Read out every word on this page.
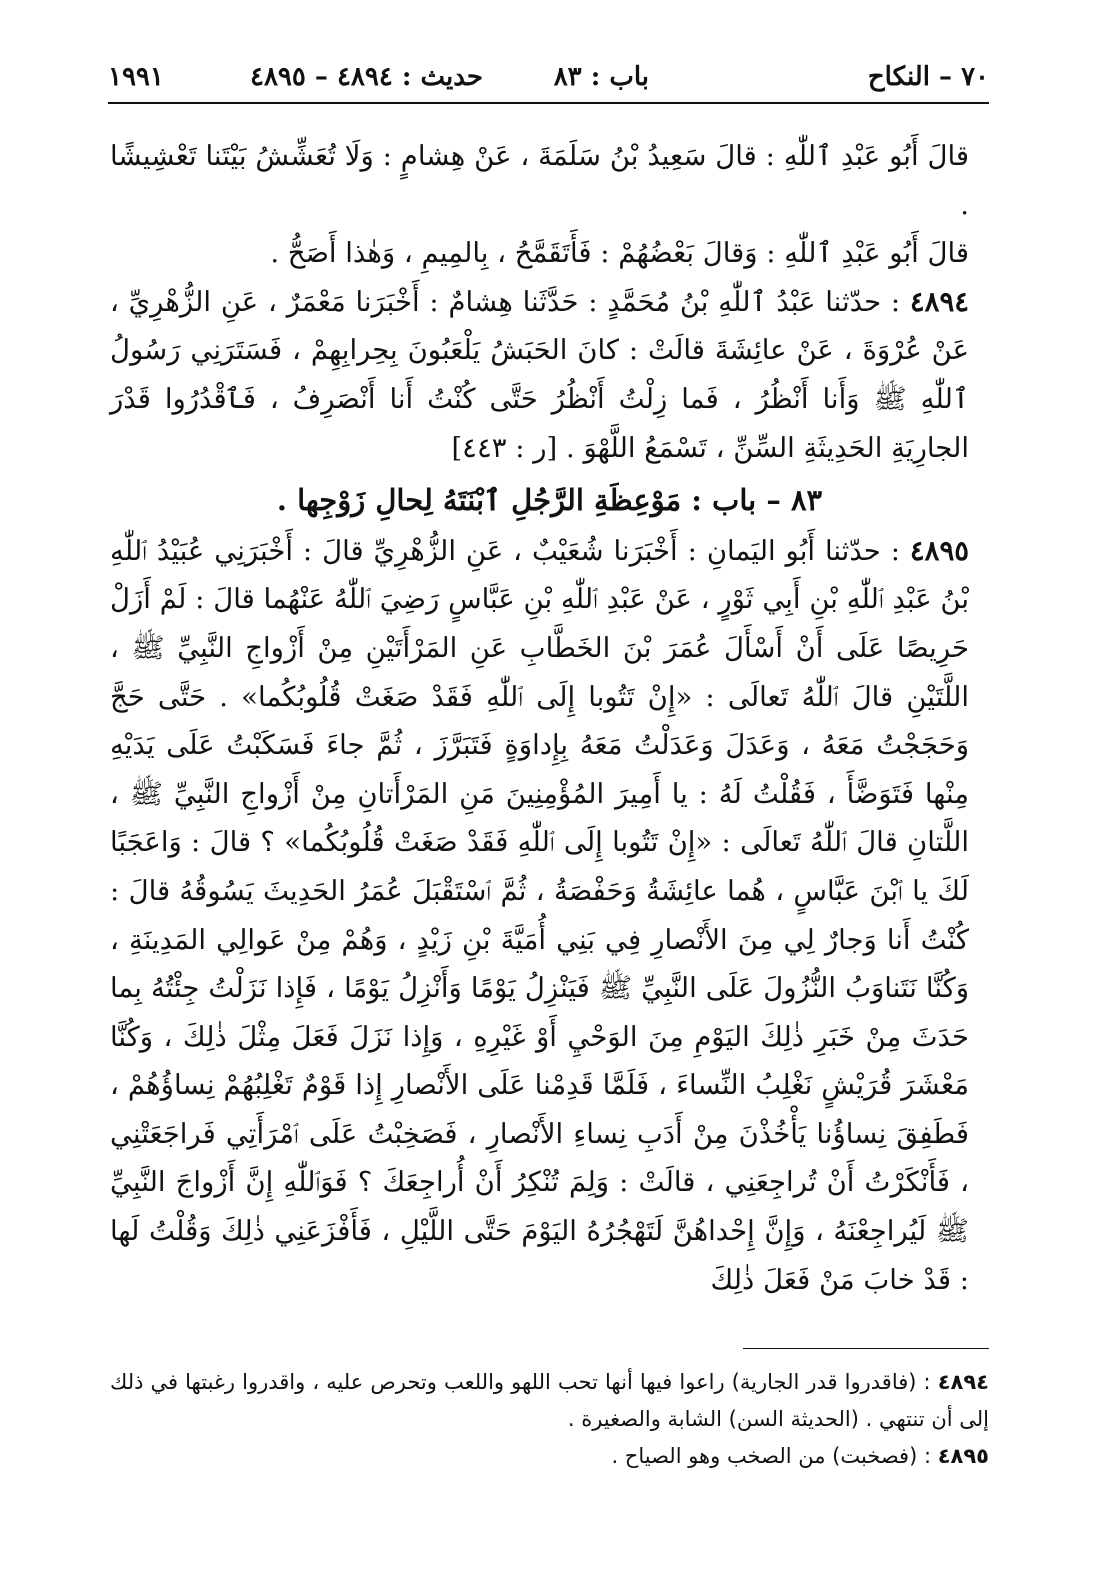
٧٠ – النكاح
باب : ٨٣
حديث : ٤٨٩٤ – ٤٨٩٥
١٩٩١

قالَ أَبُو عَبْدِ ٱللّٰهِ : قالَ سَعِيدُ بْنُ سَلَمَةَ ، عَنْ هِشامٍ : وَلَا تُعَشِّشُ بَيْتَنا تَعْشِيشًا .

قالَ أَبُو عَبْدِ ٱللّٰهِ : وَقالَ بَعْضُهُمْ : فَأَتَقَمَّحُ ، بِالمِيمِ ، وَهٰذا أَصَحُّ .

٤٨٩٤ : حدّثنا عَبْدُ ٱللّٰهِ بْنُ مُحَمَّدٍ : حَدَّثَنا هِشامٌ : أَخْبَرَنا مَعْمَرٌ ، عَنِ الزُّهْرِيِّ ، عَنْ عُرْوَةَ ، عَنْ عائِشَةَ قالَتْ : كانَ الحَبَشُ يَلْعَبُونَ بِحِرابِهِمْ ، فَسَتَرَنِي رَسُولُ ٱللّٰهِ ﷺ وَأَنا أَنْظُرُ ، فَما زِلْتُ أَنْظُرُ حَتَّى كُنْتُ أَنا أَنْصَرِفُ ، فَٱقْدُرُوا قَدْرَ الجارِيَةِ الحَدِيثَةِ السِّنِّ ، تَسْمَعُ اللَّهْوَ . [ر : ٤٤٣]

٨٣ – باب : مَوْعِظَةِ الرَّجُلِ ٱبْنَتَهُ لِحالِ زَوْجِها .

٤٨٩٥ : حدّثنا أَبُو اليَمانِ : أَخْبَرَنا شُعَيْبٌ ، عَنِ الزُّهْرِيِّ قالَ : أَخْبَرَنِي عُبَيْدُ ٱللّٰهِ بْنُ عَبْدِ ٱللّٰهِ بْنِ أَبِي ثَوْرٍ ، عَنْ عَبْدِ ٱللّٰهِ بْنِ عَبَّاسٍ رَضِيَ ٱللّٰهُ عَنْهُما قالَ : لَمْ أَزَلْ حَرِيصًا عَلَى أَنْ أَسْأَلَ عُمَرَ بْنَ الخَطَّابِ عَنِ المَرْأَتَيْنِ مِنْ أَزْواجِ النَّبِيِّ ﷺ ، اللَّتَيْنِ قالَ ٱللّٰهُ تَعالَى : «إِنْ تَتُوبا إِلَى ٱللّٰهِ فَقَدْ صَغَتْ قُلُوبُكُما» . حَتَّى حَجَّ وَحَجَجْتُ مَعَهُ ، وَعَدَلَ وَعَدَلْتُ مَعَهُ بِإِداوَةٍ فَتَبَرَّزَ ، ثُمَّ جاءَ فَسَكَبْتُ عَلَى يَدَيْهِ مِنْها فَتَوَضَّأَ ، فَقُلْتُ لَهُ : يا أَمِيرَ المُؤْمِنِينَ مَنِ المَرْأَتانِ مِنْ أَزْواجِ النَّبِيِّ ﷺ ، اللَّتانِ قالَ ٱللّٰهُ تَعالَى : «إِنْ تَتُوبا إِلَى ٱللّٰهِ فَقَدْ صَغَتْ قُلُوبُكُما» ؟ قالَ : وَاعَجَبًا لَكَ يا ٱبْنَ عَبَّاسٍ ، هُما عائِشَةُ وَحَفْصَةُ ، ثُمَّ ٱسْتَقْبَلَ عُمَرُ الحَدِيثَ يَسُوقُهُ قالَ : كُنْتُ أَنا وَجارٌ لِي مِنَ الأَنْصارِ فِي بَنِي أُمَيَّةَ بْنِ زَيْدٍ ، وَهُمْ مِنْ عَوالِي المَدِينَةِ ، وَكُنَّا نَتَناوَبُ النُّزُولَ عَلَى النَّبِيِّ ﷺ فَيَنْزِلُ يَوْمًا وَأَنْزِلُ يَوْمًا ، فَإِذا نَزَلْتُ جِئْتُهُ بِما حَدَثَ مِنْ خَبَرِ ذٰلِكَ اليَوْمِ مِنَ الوَحْيِ أَوْ غَيْرِهِ ، وَإِذا نَزَلَ فَعَلَ مِثْلَ ذٰلِكَ ، وَكُنَّا مَعْشَرَ قُرَيْشٍ نَغْلِبُ النِّساءَ ، فَلَمَّا قَدِمْنا عَلَى الأَنْصارِ إِذا قَوْمٌ تَغْلِبُهُمْ نِساؤُهُمْ ، فَطَفِقَ نِساؤُنا يَأْخُذْنَ مِنْ أَدَبِ نِساءِ الأَنْصارِ ، فَصَخِبْتُ عَلَى ٱمْرَأَتِي فَراجَعَتْنِي ، فَأَنْكَرْتُ أَنْ تُراجِعَنِي ، قالَتْ : وَلِمَ تُنْكِرُ أَنْ أُراجِعَكَ ؟ فَوَٱللّٰهِ إِنَّ أَزْواجَ النَّبِيِّ ﷺ لَيُراجِعْنَهُ ، وَإِنَّ إِحْداهُنَّ لَتَهْجُرُهُ اليَوْمَ حَتَّى اللَّيْلِ ، فَأَفْزَعَنِي ذٰلِكَ وَقُلْتُ لَها : قَدْ خابَ مَنْ فَعَلَ ذٰلِكَ

٤٨٩٤ : (فاقدروا قدر الجارية) راعوا فيها أنها تحب اللهو واللعب وتحرص عليه ، واقدروا رغبتها في ذلك إلى أن تنتهي . (الحديثة السن) الشابة والصغيرة .

٤٨٩٥ : (فصخبت) من الصخب وهو الصياح .
